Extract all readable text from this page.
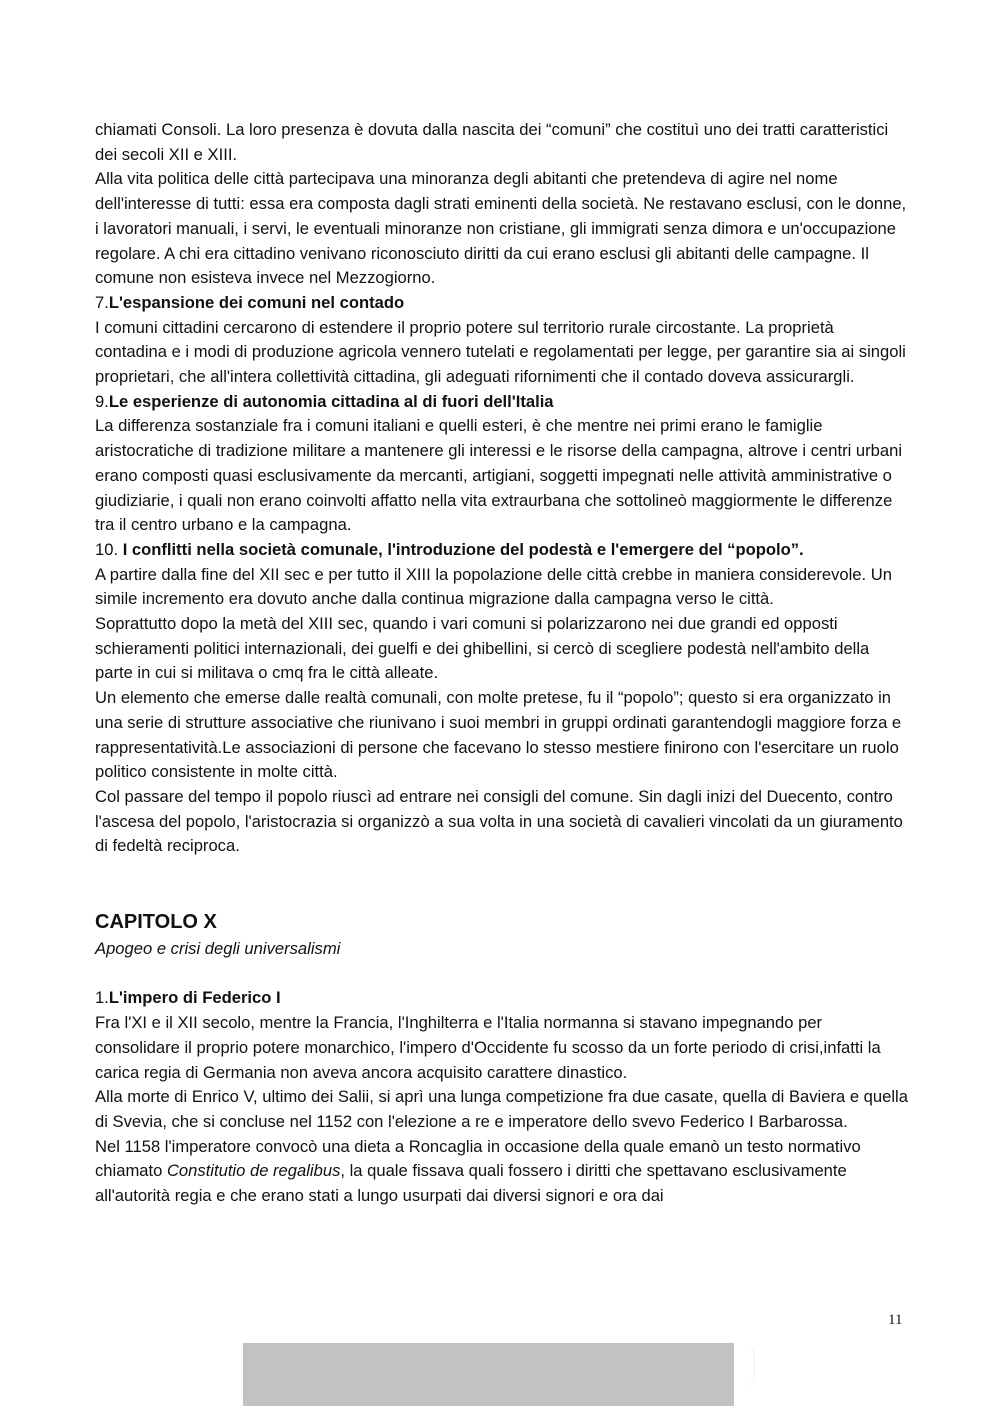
chiamati Consoli. La loro presenza è dovuta dalla nascita dei “comuni” che costituì uno dei tratti caratteristici dei secoli XII e XIII.

Alla vita politica delle città partecipava una minoranza degli abitanti che pretendeva di agire nel nome dell'interesse di tutti: essa era composta dagli strati eminenti della società. Ne restavano esclusi, con le donne, i lavoratori manuali, i servi, le eventuali minoranze non cristiane, gli immigrati senza dimora e un'occupazione regolare. A chi era cittadino venivano riconosciuto diritti da cui erano esclusi gli abitanti delle campagne. Il comune non esisteva invece nel Mezzogiorno.

7.L'espansione dei comuni nel contado

I comuni cittadini cercarono di estendere il proprio potere sul territorio rurale circostante. La proprietà contadina e i modi di produzione agricola vennero tutelati e regolamentati per legge, per garantire sia ai singoli proprietari, che all'intera collettività cittadina, gli adeguati rifornimenti che il contado doveva assicurargli.

9.Le esperienze di autonomia cittadina al di fuori dell'Italia

La differenza sostanziale fra i comuni italiani e quelli esteri, è che mentre nei primi erano le famiglie aristocratiche di tradizione militare a mantenere gli interessi e le risorse della campagna, altrove i centri urbani erano composti quasi esclusivamente da mercanti, artigiani, soggetti impegnati nelle attività amministrative o giudiziarie, i quali non erano coinvolti affatto nella vita extraurbana che sottolineò maggiormente le differenze tra il centro urbano e la campagna.

10. I conflitti nella società comunale, l'introduzione del podestà e l'emergere del “popolo”.

A partire dalla fine del XII sec e per tutto il XIII la popolazione delle città crebbe in maniera considerevole. Un simile incremento era dovuto anche dalla continua migrazione dalla campagna verso le città.

Soprattutto dopo la metà del XIII sec, quando i vari comuni si polarizzarono nei due grandi ed opposti schieramenti politici internazionali, dei guelfi e dei ghibellini, si cercò di scegliere podestà nell'ambito della parte in cui si militava o cmq fra le città alleate.

Un elemento che emerse dalle realtà comunali, con molte pretese, fu il “popolo”; questo si era organizzato in una serie di strutture associative che riunivano i suoi membri in gruppi ordinati garantendogli maggiore forza e rappresentatività.Le associazioni di persone che facevano lo stesso mestiere finirono con l'esercitare un ruolo politico consistente in molte città.

Col passare del tempo il popolo riuscì ad entrare nei consigli del comune. Sin dagli inizi del Duecento, contro l'ascesa del popolo, l'aristocrazia si organizzò a sua volta in una società di cavalieri vincolati da un giuramento di fedeltà reciproca.

CAPITOLO X
Apogeo e crisi degli universalismi

1.L'impero di Federico I

Fra l'XI e il XII secolo, mentre la Francia, l'Inghilterra e l'Italia normanna si stavano impegnando per consolidare il proprio potere monarchico, l'impero d'Occidente fu scosso da un forte periodo di crisi,infatti la carica regia di Germania non aveva ancora acquisito carattere dinastico.

Alla morte di Enrico V, ultimo dei Salii, si aprì una lunga competizione fra due casate, quella di Baviera e quella di Svevia, che si concluse nel 1152 con l'elezione a re e imperatore dello svevo Federico I Barbarossa.

Nel 1158 l'imperatore convocò una dieta a Roncaglia in occasione della quale emanò un testo normativo chiamato Constitutio de regalibus, la quale fissava quali fossero i diritti che spettavano esclusivamente all'autorità regia e che erano stati a lungo usurpati dai diversi signori e ora dai

11
